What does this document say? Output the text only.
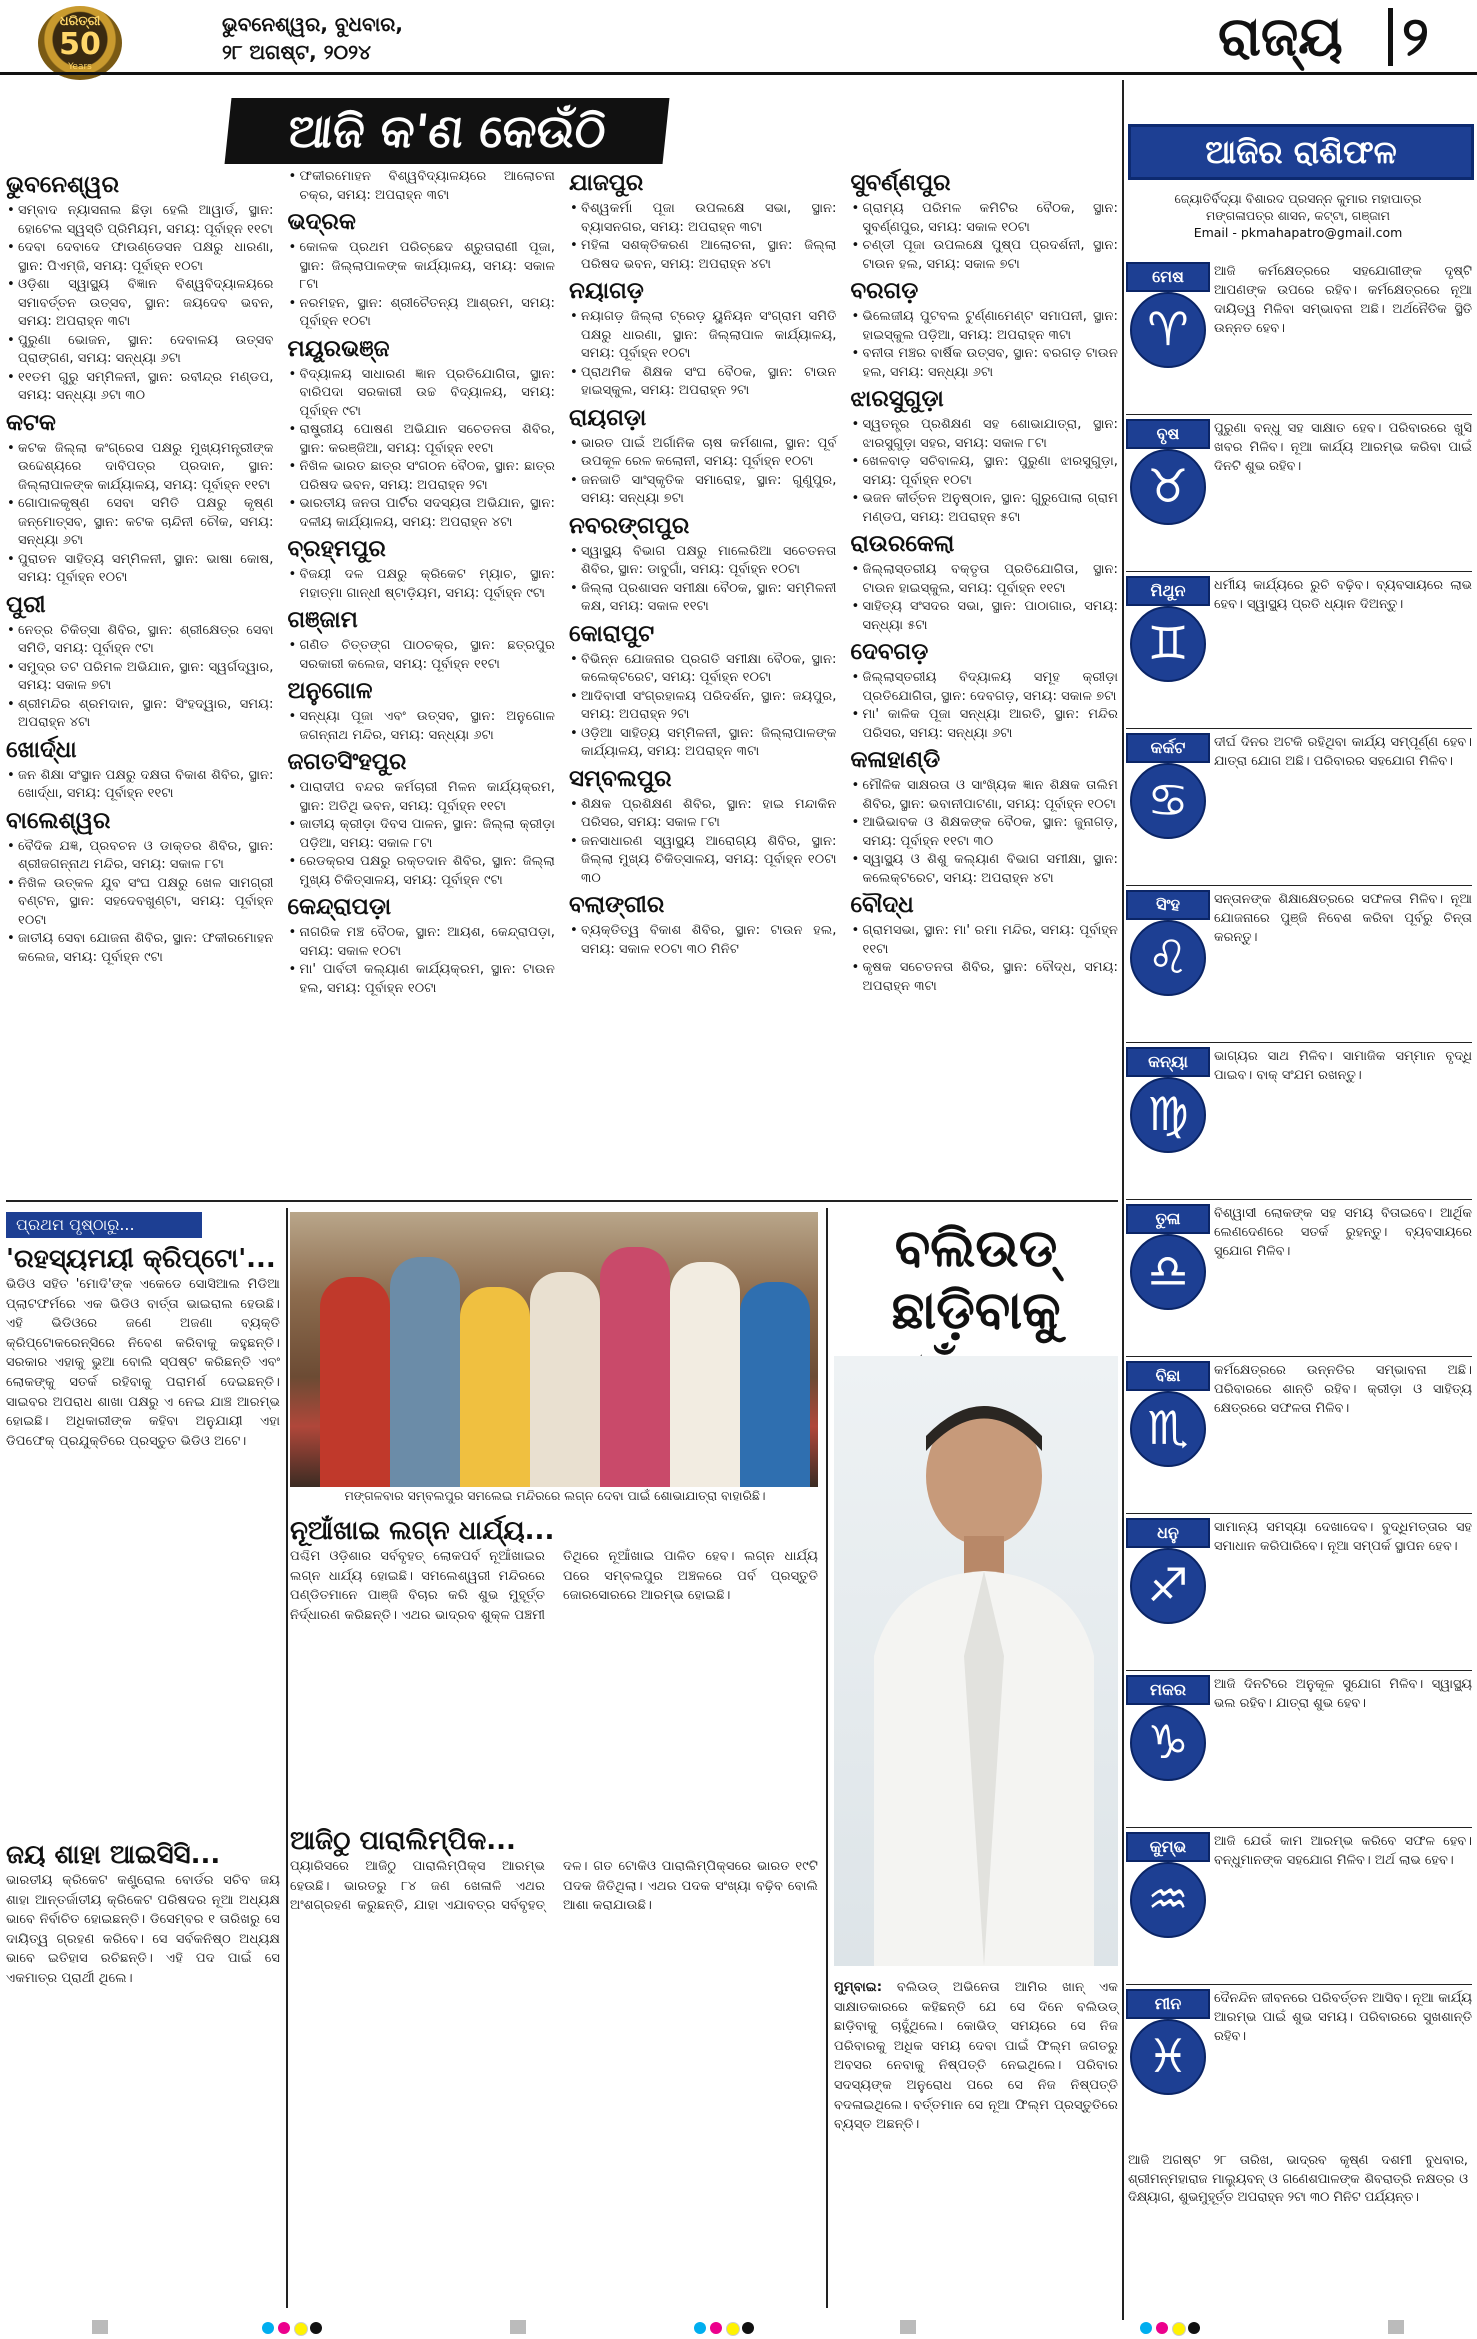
ଧରିତ୍ରୀ
50
Years
ଭୁବନେଶ୍ୱର, ବୁଧବାର,
୨୮ ଅଗଷ୍ଟ, ୨୦୨୪	ରାଜ୍ୟ ୨
ଆଜି କ'ଣ କେଉଁଠି
ଭୁବନେଶ୍ୱର

• ସମ୍ବାଦ ନ୍ୟାସନାଲ ଛିଡ଼ା ହେଲି ଆୱାର୍ଡ, ସ୍ଥାନ: ହୋଟେଲ ସ୍ୱସ୍ତି ପ୍ରିମିୟମ, ସମୟ: ପୂର୍ବାହ୍ନ ୧୧ଟା

• ଦେବା ଦେବାଦେ ଫାଉଣ୍ଡେସନ ପକ୍ଷରୁ ଧାରଣା, ସ୍ଥାନ: ପିଏମ୍‌ଜି, ସମୟ: ପୂର୍ବାହ୍ନ ୧୦ଟା

• ଓଡ଼ିଶା ସ୍ୱାସ୍ଥ୍ୟ ବିଜ୍ଞାନ ବିଶ୍ୱବିଦ୍ୟାଳୟରେ ସମାବର୍ତ୍ତନ ଉତ୍ସବ, ସ୍ଥାନ: ଜୟଦେବ ଭବନ, ସମୟ: ଅପରାହ୍ନ ୩ଟା

• ପୁରୁଣା ଭୋଜନ, ସ୍ଥାନ: ଦେବାଳୟ ଉତ୍ସବ ପ୍ରାଙ୍ଗଣ, ସମୟ: ସନ୍ଧ୍ୟା ୬ଟା

• ୧୧ତମ ଗୁରୁ ସମ୍ମିଳନୀ, ସ୍ଥାନ: ରବୀନ୍ଦ୍ର ମଣ୍ଡପ, ସମୟ: ସନ୍ଧ୍ୟା ୬ଟା ୩୦

କଟକ

• କଟକ ଜିଲ୍ଲା କଂଗ୍ରେସ ପକ୍ଷରୁ ମୁଖ୍ୟମନ୍ତ୍ରୀଙ୍କ ଉଦ୍ଦେଶ୍ୟରେ ଦାବିପତ୍ର ପ୍ରଦାନ, ସ୍ଥାନ: ଜିଲ୍ଲାପାଳଙ୍କ କାର୍ଯ୍ୟାଳୟ, ସମୟ: ପୂର୍ବାହ୍ନ ୧୧ଟା

• ଗୋପାଳକୃଷ୍ଣ ସେବା ସମିତି ପକ୍ଷରୁ କୃଷ୍ଣ ଜନ୍ମୋତ୍ସବ, ସ୍ଥାନ: କଟକ ଚାନ୍ଦିନୀ ଚୌକ, ସମୟ: ସନ୍ଧ୍ୟା ୬ଟା

• ପୁରାତନ ସାହିତ୍ୟ ସମ୍ମିଳନୀ, ସ୍ଥାନ: ଭାଷା କୋଷ, ସମୟ: ପୂର୍ବାହ୍ନ ୧୦ଟା

ପୁରୀ

• ନେତ୍ର ଚିକିତ୍ସା ଶିବିର, ସ୍ଥାନ: ଶ୍ରୀକ୍ଷେତ୍ର ସେବା ସମିତି, ସମୟ: ପୂର୍ବାହ୍ନ ୯ଟା

• ସମୁଦ୍ର ତଟ ପରିମଳ ଅଭିଯାନ, ସ୍ଥାନ: ସ୍ୱର୍ଗଦ୍ୱାର, ସମୟ: ସକାଳ ୭ଟା

• ଶ୍ରୀମନ୍ଦିର ଶ୍ରମଦାନ, ସ୍ଥାନ: ସିଂହଦ୍ୱାର, ସମୟ: ଅପରାହ୍ନ ୪ଟା

ଖୋର୍ଦ୍ଧା

• ଜନ ଶିକ୍ଷା ସଂସ୍ଥାନ ପକ୍ଷରୁ ଦକ୍ଷତା ବିକାଶ ଶିବିର, ସ୍ଥାନ: ଖୋର୍ଦ୍ଧା, ସମୟ: ପୂର୍ବାହ୍ନ ୧୧ଟା

ବାଲେଶ୍ୱର

• ବୈଦିକ ଯଜ୍ଞ, ପ୍ରବଚନ ଓ ଡାକ୍ତର ଶିବିର, ସ୍ଥାନ: ଶ୍ରୀଜଗନ୍ନାଥ ମନ୍ଦିର, ସମୟ: ସକାଳ ୮ଟା

• ନିଖିଳ ଉତ୍କଳ ଯୁବ ସଂଘ ପକ୍ଷରୁ ଖେଳ ସାମଗ୍ରୀ ବଣ୍ଟନ, ସ୍ଥାନ: ସହଦେବଖୁଣ୍ଟା, ସମୟ: ପୂର୍ବାହ୍ନ ୧୦ଟା

• ଜାତୀୟ ସେବା ଯୋଜନା ଶିବିର, ସ୍ଥାନ: ଫକୀରମୋହନ କଲେଜ, ସମୟ: ପୂର୍ବାହ୍ନ ୯ଟା

• ଫକୀରମୋହନ ବିଶ୍ୱବିଦ୍ୟାଳୟରେ ଆଲୋଚନା ଚକ୍ର, ସମୟ: ଅପରାହ୍ନ ୩ଟା

ଭଦ୍ରକ

• କୋଳକ ପ୍ରଥମ ପରିଚ୍ଛେଦ ଶ୍ରୁତାରାଣୀ ପୂଜା, ସ୍ଥାନ: ଜିଲ୍ଲାପାଳଙ୍କ କାର୍ଯ୍ୟାଳୟ, ସମୟ: ସକାଳ ୮ଟା

• ନରମହନ, ସ୍ଥାନ: ଶ୍ରୀଚୈତନ୍ୟ ଆଶ୍ରମ, ସମୟ: ପୂର୍ବାହ୍ନ ୧୦ଟା

ମୟୂରଭଞ୍ଜ

• ବିଦ୍ୟାଳୟ ସାଧାରଣ ଜ୍ଞାନ ପ୍ରତିଯୋଗିତା, ସ୍ଥାନ: ବାରିପଦା ସରକାରୀ ଉଚ୍ଚ ବିଦ୍ୟାଳୟ, ସମୟ: ପୂର୍ବାହ୍ନ ୯ଟା

• ରାଷ୍ଟ୍ରୀୟ ପୋଷଣ ଅଭିଯାନ ସଚେତନତା ଶିବିର, ସ୍ଥାନ: କରଞ୍ଜିଆ, ସମୟ: ପୂର୍ବାହ୍ନ ୧୧ଟା

• ନିଖିଳ ଭାରତ ଛାତ୍ର ସଂଗଠନ ବୈଠକ, ସ୍ଥାନ: ଛାତ୍ର ପରିଷଦ ଭବନ, ସମୟ: ଅପରାହ୍ନ ୨ଟା

• ଭାରତୀୟ ଜନତା ପାର୍ଟିର ସଦସ୍ୟତା ଅଭିଯାନ, ସ୍ଥାନ: ଦଳୀୟ କାର୍ଯ୍ୟାଳୟ, ସମୟ: ଅପରାହ୍ନ ୪ଟା

ବ୍ରହ୍ମପୁର

• ବିଜୟୀ ଦଳ ପକ୍ଷରୁ କ୍ରିକେଟ ମ୍ୟାଚ, ସ୍ଥାନ: ମହାତ୍ମା ଗାନ୍ଧୀ ଷ୍ଟାଡ଼ିୟମ, ସମୟ: ପୂର୍ବାହ୍ନ ୯ଟା

ଗଞ୍ଜାମ

• ଗଣିତ ଚିତ୍ତଙ୍ଗ ପାଠଚକ୍ର, ସ୍ଥାନ: ଛତ୍ରପୁର ସରକାରୀ କଲେଜ, ସମୟ: ପୂର୍ବାହ୍ନ ୧୧ଟା

ଅନୁଗୋଳ

• ସନ୍ଧ୍ୟା ପୂଜା ଏବଂ ଉତ୍ସବ, ସ୍ଥାନ: ଅନୁଗୋଳ ଜଗନ୍ନାଥ ମନ୍ଦିର, ସମୟ: ସନ୍ଧ୍ୟା ୬ଟା

ଜଗତସିଂହପୁର

• ପାରାଦୀପ ବନ୍ଦର କର୍ମଚାରୀ ମିଳନ କାର୍ଯ୍ୟକ୍ରମ, ସ୍ଥାନ: ଅତିଥି ଭବନ, ସମୟ: ପୂର୍ବାହ୍ନ ୧୧ଟା

• ଜାତୀୟ କ୍ରୀଡ଼ା ଦିବସ ପାଳନ, ସ୍ଥାନ: ଜିଲ୍ଲା କ୍ରୀଡ଼ା ପଡ଼ିଆ, ସମୟ: ସକାଳ ୮ଟା

• ରେଡକ୍ରସ ପକ୍ଷରୁ ରକ୍ତଦାନ ଶିବିର, ସ୍ଥାନ: ଜିଲ୍ଲା ମୁଖ୍ୟ ଚିକିତ୍ସାଳୟ, ସମୟ: ପୂର୍ବାହ୍ନ ୯ଟା

କେନ୍ଦ୍ରାପଡ଼ା

• ନାଗରିକ ମଞ୍ଚ ବୈଠକ, ସ୍ଥାନ: ଆୟଶ, କେନ୍ଦ୍ରାପଡ଼ା, ସମୟ: ସକାଳ ୧୦ଟା

• ମା' ପାର୍ବତୀ କଲ୍ୟାଣ କାର୍ଯ୍ୟକ୍ରମ, ସ୍ଥାନ: ଟାଉନ ହଲ, ସମୟ: ପୂର୍ବାହ୍ନ ୧୦ଟା

ଯାଜପୁର

• ବିଶ୍ୱକର୍ମା ପୂଜା ଉପଲକ୍ଷେ ସଭା, ସ୍ଥାନ: ବ୍ୟାସନଗର, ସମୟ: ଅପରାହ୍ନ ୩ଟା

• ମହିଳା ସଶକ୍ତିକରଣ ଆଲୋଚନା, ସ୍ଥାନ: ଜିଲ୍ଲା ପରିଷଦ ଭବନ, ସମୟ: ଅପରାହ୍ନ ୪ଟା

ନୟାଗଡ଼

• ନୟାଗଡ଼ ଜିଲ୍ଲା ଟ୍ରେଡ଼ ୟୁନିୟନ ସଂଗ୍ରାମ ସମିତି ପକ୍ଷରୁ ଧାରଣା, ସ୍ଥାନ: ଜିଲ୍ଲାପାଳ କାର୍ଯ୍ୟାଳୟ, ସମୟ: ପୂର୍ବାହ୍ନ ୧୦ଟା

• ପ୍ରାଥମିକ ଶିକ୍ଷକ ସଂଘ ବୈଠକ, ସ୍ଥାନ: ଟାଉନ ହାଇସ୍କୁଲ, ସମୟ: ଅପରାହ୍ନ ୨ଟା

ରାୟଗଡ଼ା

• ଭାରତ ପାଇଁ ଅର୍ଗାନିକ ଚାଷ କର୍ମଶାଳା, ସ୍ଥାନ: ପୂର୍ବ ଉପକୂଳ ରେଳ କଲୋନୀ, ସମୟ: ପୂର୍ବାହ୍ନ ୧୦ଟା

• ଜନଜାତି ସାଂସ୍କୃତିକ ସମାରୋହ, ସ୍ଥାନ: ଗୁଣୁପୁର, ସମୟ: ସନ୍ଧ୍ୟା ୭ଟା

ନବରଙ୍ଗପୁର

• ସ୍ୱାସ୍ଥ୍ୟ ବିଭାଗ ପକ୍ଷରୁ ମାଲେରିଆ ସଚେତନତା ଶିବିର, ସ୍ଥାନ: ଡାବୁଗାଁ, ସମୟ: ପୂର୍ବାହ୍ନ ୧୦ଟା

• ଜିଲ୍ଲା ପ୍ରଶାସନ ସମୀକ୍ଷା ବୈଠକ, ସ୍ଥାନ: ସମ୍ମିଳନୀ କକ୍ଷ, ସମୟ: ସକାଳ ୧୧ଟା

କୋରାପୁଟ

• ବିଭିନ୍ନ ଯୋଜନାର ପ୍ରଗତି ସମୀକ୍ଷା ବୈଠକ, ସ୍ଥାନ: କଲେକ୍ଟରେଟ, ସମୟ: ପୂର୍ବାହ୍ନ ୧୦ଟା

• ଆଦିବାସୀ ସଂଗ୍ରହାଳୟ ପରିଦର୍ଶନ, ସ୍ଥାନ: ଜୟପୁର, ସମୟ: ଅପରାହ୍ନ ୨ଟା

• ଓଡ଼ିଆ ସାହିତ୍ୟ ସମ୍ମିଳନୀ, ସ୍ଥାନ: ଜିଲ୍ଲାପାଳଙ୍କ କାର୍ଯ୍ୟାଳୟ, ସମୟ: ଅପରାହ୍ନ ୩ଟା

ସମ୍ବଲପୁର

• ଶିକ୍ଷକ ପ୍ରଶିକ୍ଷଣ ଶିବିର, ସ୍ଥାନ: ହାଇ ମନ୍ଦାକିନ ପରିସର, ସମୟ: ସକାଳ ୮ଟା

• ଜନସାଧାରଣ ସ୍ୱାସ୍ଥ୍ୟ ଆରୋଗ୍ୟ ଶିବିର, ସ୍ଥାନ: ଜିଲ୍ଲା ମୁଖ୍ୟ ଚିକିତ୍ସାଳୟ, ସମୟ: ପୂର୍ବାହ୍ନ ୧୦ଟା ୩୦

ବଲାଙ୍ଗୀର

• ବ୍ୟକ୍ତିତ୍ୱ ବିକାଶ ଶିବିର, ସ୍ଥାନ: ଟାଉନ ହଲ, ସମୟ: ସକାଳ ୧୦ଟା ୩୦ ମିନିଟ

ସୁବର୍ଣ୍ଣପୁର

• ଗ୍ରାମ୍ୟ ପରିମଳ କମିଟିର ବୈଠକ, ସ୍ଥାନ: ସୁବର୍ଣ୍ଣପୁର, ସମୟ: ସକାଳ ୧୦ଟା

• ଚଣ୍ଡୀ ପୂଜା ଉପଲକ୍ଷେ ପୁଷ୍ପ ପ୍ରଦର୍ଶନୀ, ସ୍ଥାନ: ଟାଉନ ହଲ, ସମୟ: ସକାଳ ୭ଟା

ବରଗଡ଼

• ଭିଲେଜୀୟ ପୁଟବଲ ଟୁର୍ଣ୍ଣାମେଣ୍ଟ ସମାପନୀ, ସ୍ଥାନ: ହାଇସ୍କୁଲ ପଡ଼ିଆ, ସମୟ: ଅପରାହ୍ନ ୩ଟା

• ବନୀତା ମଞ୍ଚର ବାର୍ଷିକ ଉତ୍ସବ, ସ୍ଥାନ: ବରଗଡ଼ ଟାଉନ ହଲ, ସମୟ: ସନ୍ଧ୍ୟା ୬ଟା

ଝାରସୁଗୁଡ଼ା

• ସ୍ୱତନ୍ତ୍ର ପ୍ରଶିକ୍ଷଣ ସହ ଶୋଭାଯାତ୍ରା, ସ୍ଥାନ: ଝାରସୁଗୁଡ଼ା ସହର, ସମୟ: ସକାଳ ୮ଟା

• ଖେଳବାଡ଼ ସଚିବାଳୟ, ସ୍ଥାନ: ପୁରୁଣା ଝାରସୁଗୁଡ଼ା, ସମୟ: ପୂର୍ବାହ୍ନ ୧୦ଟା

• ଭଜନ କୀର୍ତ୍ତନ ଅନୁଷ୍ଠାନ, ସ୍ଥାନ: ଗୁରୁପୋଲା ଗ୍ରାମ ମଣ୍ଡପ, ସମୟ: ଅପରାହ୍ନ ୫ଟା

ରାଉରକେଲା

• ଜିଲ୍ଲାସ୍ତରୀୟ ବକ୍ତୃତା ପ୍ରତିଯୋଗିତା, ସ୍ଥାନ: ଟାଉନ ହାଇସ୍କୁଲ, ସମୟ: ପୂର୍ବାହ୍ନ ୧୧ଟା

• ସାହିତ୍ୟ ସଂସଦର ସଭା, ସ୍ଥାନ: ପାଠାଗାର, ସମୟ: ସନ୍ଧ୍ୟା ୫ଟା

ଦେବଗଡ଼

• ଜିଲ୍ଲାସ୍ତରୀୟ ବିଦ୍ୟାଳୟ ସମୂହ କ୍ରୀଡ଼ା ପ୍ରତିଯୋଗିତା, ସ୍ଥାନ: ଦେବଗଡ଼, ସମୟ: ସକାଳ ୭ଟା

• ମା' କାଳିକ ପୂଜା ସନ୍ଧ୍ୟା ଆରତି, ସ୍ଥାନ: ମନ୍ଦିର ପରିସର, ସମୟ: ସନ୍ଧ୍ୟା ୬ଟା

କଳାହାଣ୍ଡି

• ମୌଳିକ ସାକ୍ଷରତା ଓ ସାଂଖ୍ୟିକ ଜ୍ଞାନ ଶିକ୍ଷକ ତାଲିମ ଶିବିର, ସ୍ଥାନ: ଭବାନୀପାଟଣା, ସମୟ: ପୂର୍ବାହ୍ନ ୧୦ଟା

• ଆଭିଭାବକ ଓ ଶିକ୍ଷକଙ୍କ ବୈଠକ, ସ୍ଥାନ: ଜୁନାଗଡ଼, ସମୟ: ପୂର୍ବାହ୍ନ ୧୧ଟା ୩୦

• ସ୍ୱାସ୍ଥ୍ୟ ଓ ଶିଶୁ କଲ୍ୟାଣ ବିଭାଗ ସମୀକ୍ଷା, ସ୍ଥାନ: କଲେକ୍ଟରେଟ, ସମୟ: ଅପରାହ୍ନ ୪ଟା

ବୌଦ୍ଧ

• ଗ୍ରାମସଭା, ସ୍ଥାନ: ମା' ରମା ମନ୍ଦିର, ସମୟ: ପୂର୍ବାହ୍ନ ୧୧ଟା

• କୃଷକ ସଚେତନତା ଶିବିର, ସ୍ଥାନ: ବୌଦ୍ଧ, ସମୟ: ଅପରାହ୍ନ ୩ଟା

ଆଜିର ରାଶିଫଳ
ଜ୍ୟୋତିର୍ବିଦ୍ୟା ବିଶାରଦ ପ୍ରସନ୍ନ କୁମାର ମହାପାତ୍ର
ମଙ୍ଗଳାପତ୍ର ଶାସନ, କଟ୍ଟା, ଗଞ୍ଜାମ
Email - pkmahapatro@gmail.com
ମେଷ
♈
ଆଜି କର୍ମକ୍ଷେତ୍ରରେ ସହଯୋଗୀଙ୍କ ଦୃଷ୍ଟି ଆପଣଙ୍କ ଉପରେ ରହିବ। କର୍ମକ୍ଷେତ୍ରରେ ନୂଆ ଦାୟିତ୍ୱ ମିଳିବା ସମ୍ଭାବନା ଅଛି। ଅର୍ଥନୈତିକ ସ୍ଥିତି ଉନ୍ନତ ହେବ।
ବୃଷ
♉
ପୁରୁଣା ବନ୍ଧୁ ସହ ସାକ୍ଷାତ ହେବ। ପରିବାରରେ ଖୁସି ଖବର ମିଳିବ। ନୂଆ କାର୍ଯ୍ୟ ଆରମ୍ଭ କରିବା ପାଇଁ ଦିନଟି ଶୁଭ ରହିବ।
ମିଥୁନ
♊
ଧର୍ମୀୟ କାର୍ଯ୍ୟରେ ରୁଚି ବଢ଼ିବ। ବ୍ୟବସାୟରେ ଲାଭ ହେବ। ସ୍ୱାସ୍ଥ୍ୟ ପ୍ରତି ଧ୍ୟାନ ଦିଅନ୍ତୁ।
କର୍କଟ
♋
ଦୀର୍ଘ ଦିନର ଅଟକି ରହିଥିବା କାର୍ଯ୍ୟ ସମ୍ପୂର୍ଣ୍ଣ ହେବ। ଯାତ୍ରା ଯୋଗ ଅଛି। ପରିବାରର ସହଯୋଗ ମିଳିବ।
ସିଂହ
♌
ସନ୍ତାନଙ୍କ ଶିକ୍ଷାକ୍ଷେତ୍ରରେ ସଫଳତା ମିଳିବ। ନୂଆ ଯୋଜନାରେ ପୁଞ୍ଜି ନିବେଶ କରିବା ପୂର୍ବରୁ ଚିନ୍ତା କରନ୍ତୁ।
କନ୍ୟା
♍
ଭାଗ୍ୟର ସାଥ ମିଳିବ। ସାମାଜିକ ସମ୍ମାନ ବୃଦ୍ଧି ପାଇବ। ବାକ୍ ସଂଯମ ରଖନ୍ତୁ।
ତୁଳା
♎
ବିଶ୍ୱାସୀ ଲୋକଙ୍କ ସହ ସମୟ ବିତାଇବେ। ଆର୍ଥିକ ଲେଣଦେଣରେ ସତର୍କ ରୁହନ୍ତୁ। ବ୍ୟବସାୟରେ ସୁଯୋଗ ମିଳିବ।
ବିଛା
♏
କର୍ମକ୍ଷେତ୍ରରେ ଉନ୍ନତିର ସମ୍ଭାବନା ଅଛି। ପରିବାରରେ ଶାନ୍ତି ରହିବ। କ୍ରୀଡ଼ା ଓ ସାହିତ୍ୟ କ୍ଷେତ୍ରରେ ସଫଳତା ମିଳିବ।
ଧନୁ
♐
ସାମାନ୍ୟ ସମସ୍ୟା ଦେଖାଦେବ। ବୁଦ୍ଧିମତ୍ତାର ସହ ସମାଧାନ କରିପାରିବେ। ନୂଆ ସମ୍ପର୍କ ସ୍ଥାପନ ହେବ।
ମକର
♑
ଆଜି ଦିନଟିରେ ଅନୁକୂଳ ସୁଯୋଗ ମିଳିବ। ସ୍ୱାସ୍ଥ୍ୟ ଭଲ ରହିବ। ଯାତ୍ରା ଶୁଭ ହେବ।
କୁମ୍ଭ
♒
ଆଜି ଯେଉଁ କାମ ଆରମ୍ଭ କରିବେ ସଫଳ ହେବ। ବନ୍ଧୁମାନଙ୍କ ସହଯୋଗ ମିଳିବ। ଅର୍ଥ ଲାଭ ହେବ।
ମୀନ
♓
ଦୈନନ୍ଦିନ ଜୀବନରେ ପରିବର୍ତ୍ତନ ଆସିବ। ନୂଆ କାର୍ଯ୍ୟ ଆରମ୍ଭ ପାଇଁ ଶୁଭ ସମୟ। ପରିବାରରେ ସୁଖଶାନ୍ତି ରହିବ।
ଆଜି ଅଗଷ୍ଟ ୨୮ ତାରିଖ, ଭାଦ୍ରବ କୃଷ୍ଣ ଦଶମୀ ବୁଧବାର, ଶ୍ରୀମନ୍ମହାରାଜ ମାଲ୍ୟୁବନ୍ ଓ ଗଣେଶପାଳଙ୍କ ଶିବରାତ୍ରି ନକ୍ଷତ୍ର ଓ ଦିକ୍ଷ୍ୟାଗ, ଶୁଭମୁହୂର୍ତ୍ତ ଅପରାହ୍ନ ୨ଟା ୩୦ ମିନିଟ ପର୍ଯ୍ୟନ୍ତ।
ପ୍ରଥମ ପୃଷ୍ଠାରୁ...
'ରହସ୍ୟମୟୀ କ୍ରିପ୍ଟୋ'...
ଭିଡିଓ ସହିତ 'ମୋଦି'ଙ୍କ ଏକେଡେ ସୋସିଆଲ ମିଡିଆ ପ୍ଲାଟଫର୍ମରେ ଏକ ଭିଡିଓ ବାର୍ତ୍ତା ଭାଇରାଲ ହେଉଛି। ଏହି ଭିଡିଓରେ ଜଣେ ଅଜଣା ବ୍ୟକ୍ତି କ୍ରିପ୍ଟୋକରେନ୍ସିରେ ନିବେଶ କରିବାକୁ କହୁଛନ୍ତି। ସରକାର ଏହାକୁ ଭୁଆ ବୋଲି ସ୍ପଷ୍ଟ କରିଛନ୍ତି ଏବଂ ଲୋକଙ୍କୁ ସତର୍କ ରହିବାକୁ ପରାମର୍ଶ ଦେଇଛନ୍ତି। ସାଇବର ଅପରାଧ ଶାଖା ପକ୍ଷରୁ ଏ ନେଇ ଯାଞ୍ଚ ଆରମ୍ଭ ହୋଇଛି। ଅଧିକାରୀଙ୍କ କହିବା ଅନୁଯାୟୀ ଏହା ଡିପଫେକ୍ ପ୍ରଯୁକ୍ତିରେ ପ୍ରସ୍ତୁତ ଭିଡିଓ ଅଟେ।
ଜୟ ଶାହା ଆଇସିସି...
ଭାରତୀୟ କ୍ରିକେଟ କଣ୍ଟ୍ରୋଲ ବୋର୍ଡର ସଚିବ ଜୟ ଶାହା ଆନ୍ତର୍ଜାତୀୟ କ୍ରିକେଟ ପରିଷଦର ନୂଆ ଅଧ୍ୟକ୍ଷ ଭାବେ ନିର୍ବାଚିତ ହୋଇଛନ୍ତି। ଡିସେମ୍ବର ୧ ତାରିଖରୁ ସେ ଦାୟିତ୍ୱ ଗ୍ରହଣ କରିବେ। ସେ ସର୍ବକନିଷ୍ଠ ଅଧ୍ୟକ୍ଷ ଭାବେ ଇତିହାସ ରଚିଛନ୍ତି। ଏହି ପଦ ପାଇଁ ସେ ଏକମାତ୍ର ପ୍ରାର୍ଥୀ ଥିଲେ।
ମଙ୍ଗଳବାର ସମ୍ବଲପୁର ସମଲେଇ ମନ୍ଦିରରେ ଲଗ୍ନ ଦେବା ପାଇଁ ଶୋଭାଯାତ୍ରା ବାହାରିଛି।
ନୂଆଁଖାଇ ଲଗ୍ନ ଧାର୍ଯ୍ୟ...
ପଶ୍ଚିମ ଓଡ଼ିଶାର ସର୍ବବୃହତ୍ ଲୋକପର୍ବ ନୂଆଁଖାଇର ଲଗ୍ନ ଧାର୍ଯ୍ୟ ହୋଇଛି। ସମଲେଶ୍ୱରୀ ମନ୍ଦିରରେ ପଣ୍ଡିତମାନେ ପାଞ୍ଜି ବିଚାର କରି ଶୁଭ ମୁହୂର୍ତ୍ତ ନିର୍ଦ୍ଧାରଣ କରିଛନ୍ତି। ଏଥର ଭାଦ୍ରବ ଶୁକ୍ଳ ପଞ୍ଚମୀ ତିଥିରେ ନୂଆଁଖାଇ ପାଳିତ ହେବ। ଲଗ୍ନ ଧାର୍ଯ୍ୟ ପରେ ସମ୍ବଲପୁର ଅଞ୍ଚଳରେ ପର୍ବ ପ୍ରସ୍ତୁତି ଜୋରସୋରରେ ଆରମ୍ଭ ହୋଇଛି।
ଆଜିଠୁ ପାରାଲିମ୍ପିକ...
ପ୍ୟାରିସରେ ଆଜିଠୁ ପାରାଲିମ୍ପିକ୍ସ ଆରମ୍ଭ ହେଉଛି। ଭାରତରୁ ୮୪ ଜଣ ଖେଳାଳି ଏଥର ଅଂଶଗ୍ରହଣ କରୁଛନ୍ତି, ଯାହା ଏଯାବତ୍‌ର ସର୍ବବୃହତ୍ ଦଳ। ଗତ ଟୋକିଓ ପାରାଲିମ୍ପିକ୍ସରେ ଭାରତ ୧୯ଟି ପଦକ ଜିତିଥିଲା। ଏଥର ପଦକ ସଂଖ୍ୟା ବଢ଼ିବ ବୋଲି ଆଶା କରାଯାଉଛି।
ବଲିଉଡ୍ ଛାଡ଼ିବାକୁ
ମୁମ୍ବାଇ: ବଲିଉଡ୍ ଅଭିନେତା ଆମିର ଖାନ୍ ଏକ ସାକ୍ଷାତକାରରେ କହିଛନ୍ତି ଯେ ସେ ଦିନେ ବଲିଉଡ୍ ଛାଡ଼ିବାକୁ ଚାହୁଁଥିଲେ। କୋଭିଡ୍ ସମୟରେ ସେ ନିଜ ପରିବାରକୁ ଅଧିକ ସମୟ ଦେବା ପାଇଁ ଫିଲ୍ମ ଜଗତରୁ ଅବସର ନେବାକୁ ନିଷ୍ପତ୍ତି ନେଇଥିଲେ। ପରିବାର ସଦସ୍ୟଙ୍କ ଅନୁରୋଧ ପରେ ସେ ନିଜ ନିଷ୍ପତ୍ତି ବଦଳାଇଥିଲେ। ବର୍ତ୍ତମାନ ସେ ନୂଆ ଫିଲ୍ମ ପ୍ରସ୍ତୁତିରେ ବ୍ୟସ୍ତ ଅଛନ୍ତି।
